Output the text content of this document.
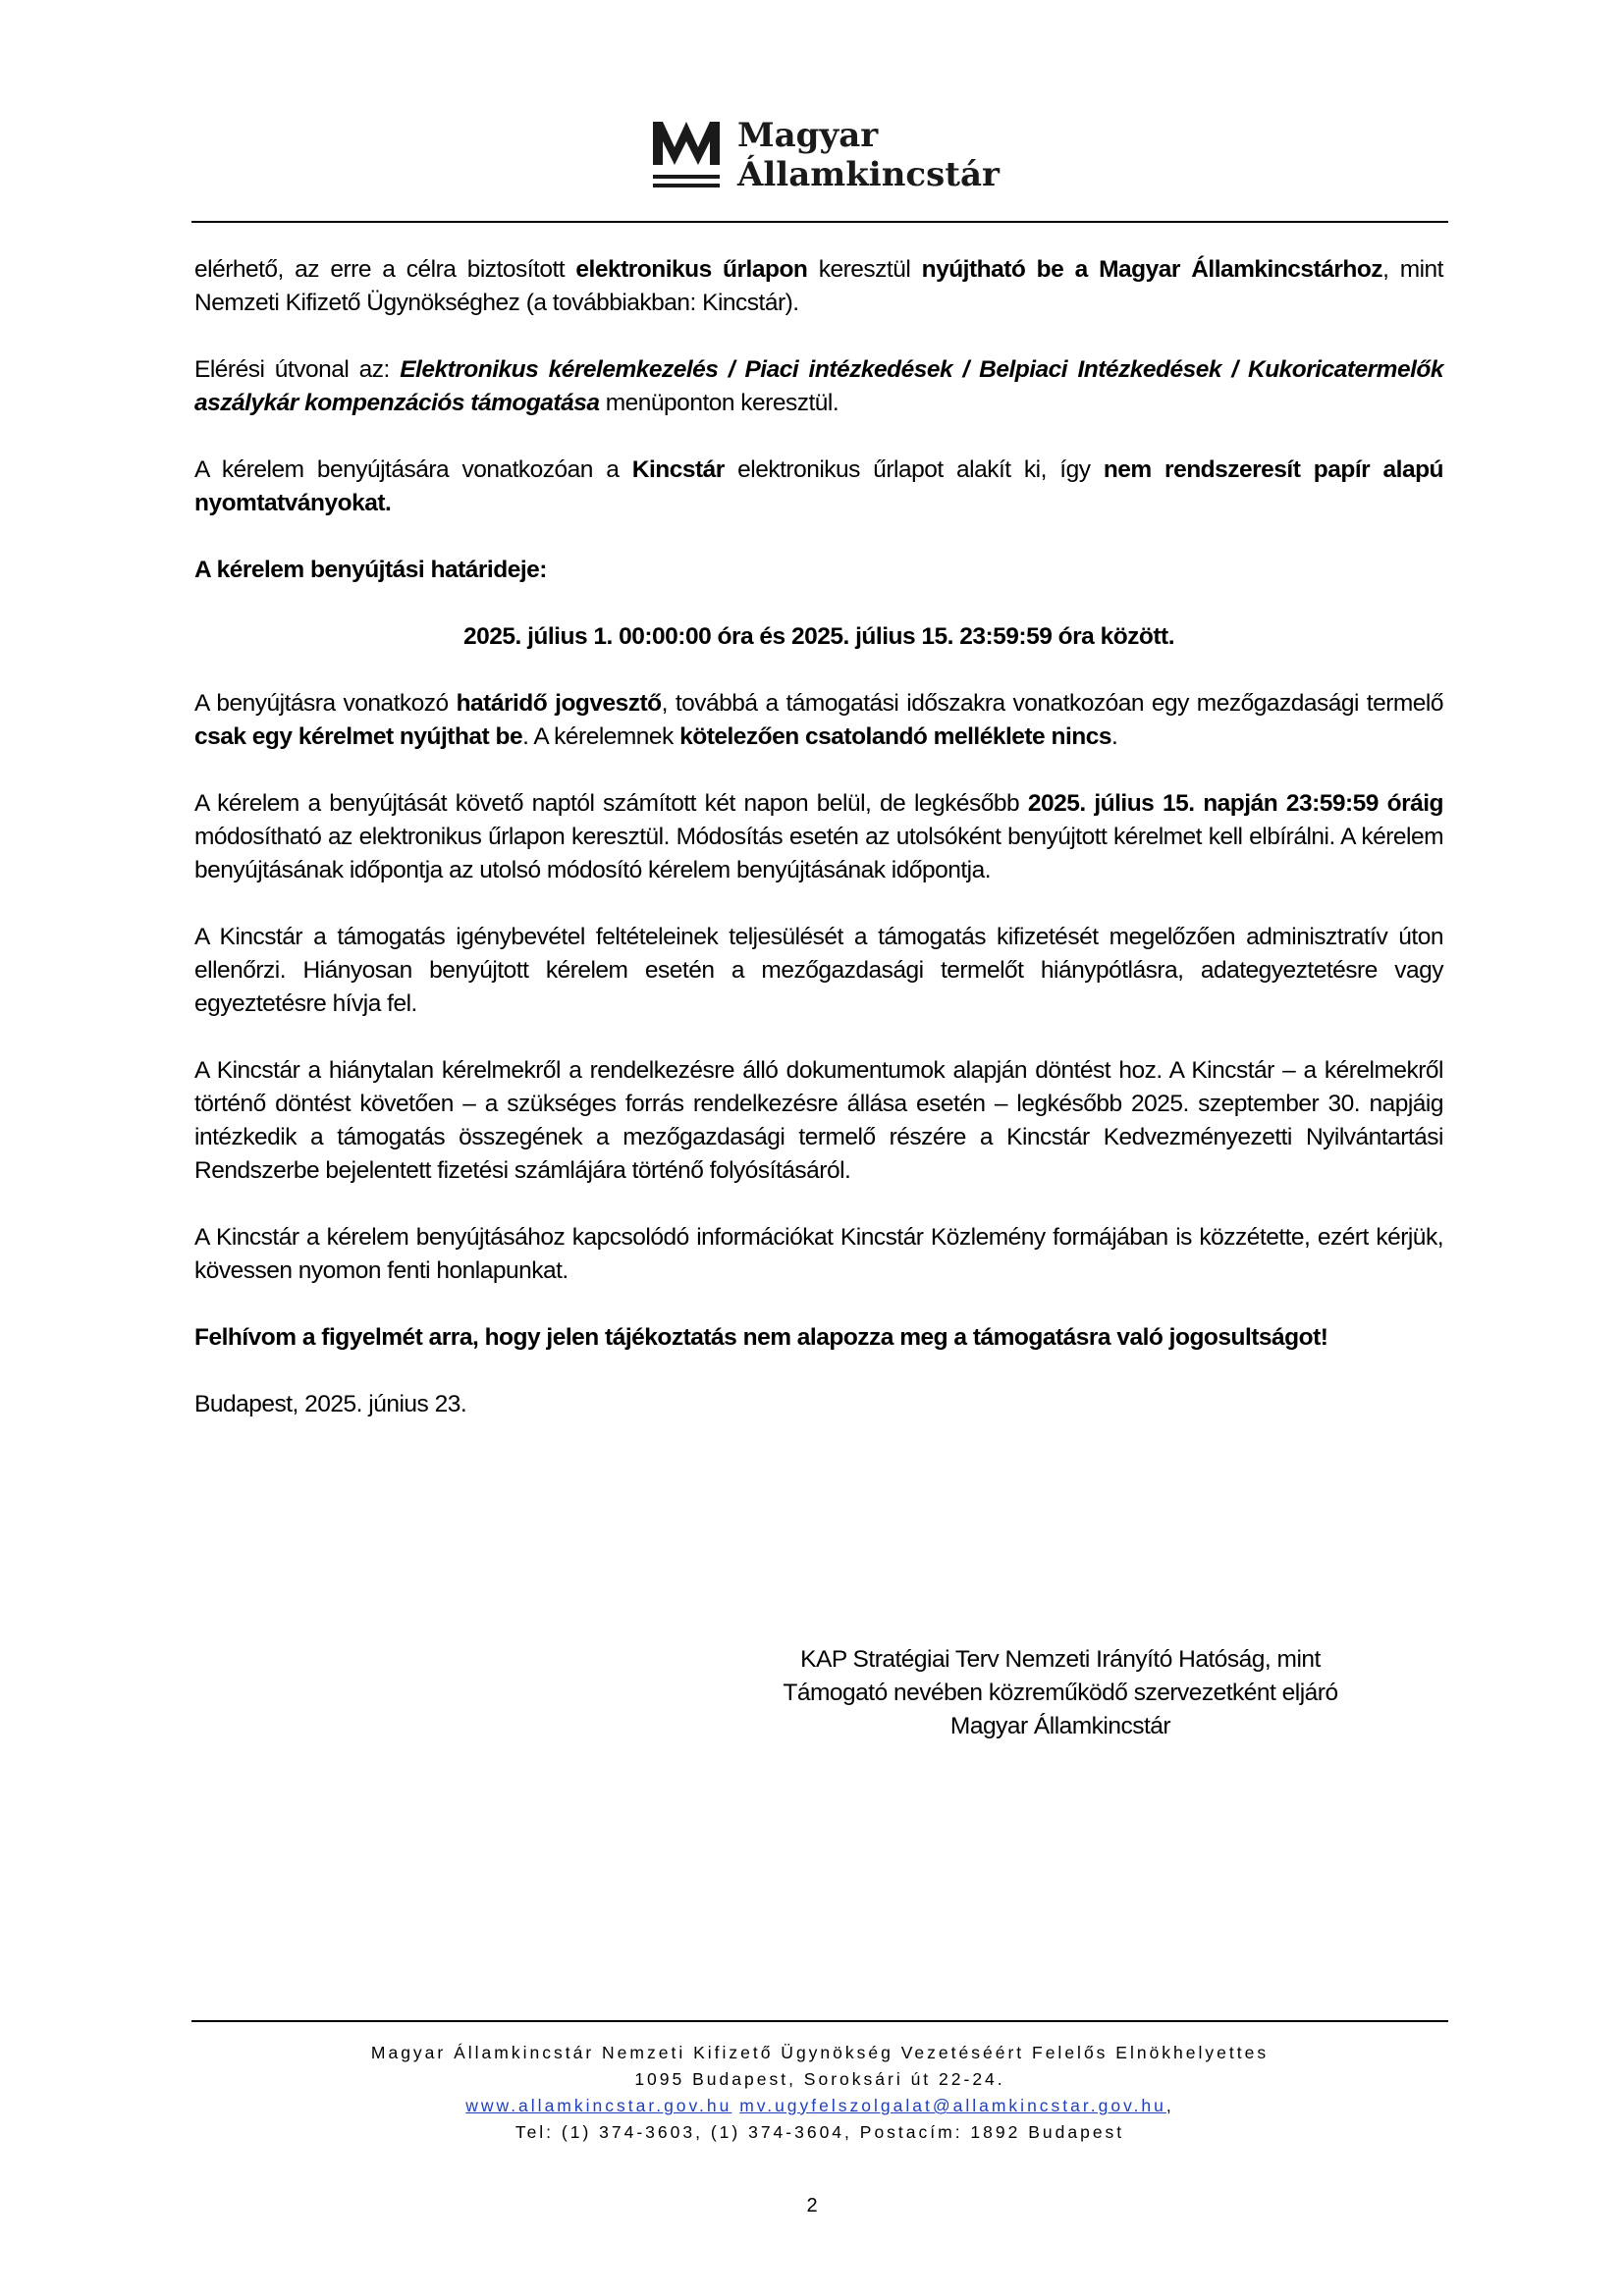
Magyar
Államkincstár

elérhető, az erre a célra biztosított elektronikus űrlapon keresztül nyújtható be a Magyar Államkincstárhoz, mint Nemzeti Kifizető Ügynökséghez (a továbbiakban: Kincstár).

Elérési útvonal az: Elektronikus kérelemkezelés / Piaci intézkedések / Belpiaci Intézkedések / Kukoricatermelők aszálykár kompenzációs támogatása menüponton keresztül.

A kérelem benyújtására vonatkozóan a Kincstár elektronikus űrlapot alakít ki, így nem rendszeresít papír alapú nyomtatványokat.

A kérelem benyújtási határideje:

2025. július 1. 00:00:00 óra és 2025. július 15. 23:59:59 óra között.

A benyújtásra vonatkozó határidő jogvesztő, továbbá a támogatási időszakra vonatkozóan egy mezőgazdasági termelő csak egy kérelmet nyújthat be. A kérelemnek kötelezően csatolandó melléklete nincs.

A kérelem a benyújtását követő naptól számított két napon belül, de legkésőbb 2025. július 15. napján 23:59:59 óráig módosítható az elektronikus űrlapon keresztül. Módosítás esetén az utolsóként benyújtott kérelmet kell elbírálni. A kérelem benyújtásának időpontja az utolsó módosító kérelem benyújtásának időpontja.

A Kincstár a támogatás igénybevétel feltételeinek teljesülését a támogatás kifizetését megelőzően adminisztratív úton ellenőrzi. Hiányosan benyújtott kérelem esetén a mezőgazdasági termelőt hiánypótlásra, adategyeztetésre vagy egyeztetésre hívja fel.

A Kincstár a hiánytalan kérelmekről a rendelkezésre álló dokumentumok alapján döntést hoz. A Kincstár – a kérelmekről történő döntést követően – a szükséges forrás rendelkezésre állása esetén – legkésőbb 2025. szeptember 30. napjáig intézkedik a támogatás összegének a mezőgazdasági termelő részére a Kincstár Kedvezményezetti Nyilvántartási Rendszerbe bejelentett fizetési számlájára történő folyósításáról.

A Kincstár a kérelem benyújtásához kapcsolódó információkat Kincstár Közlemény formájában is közzétette, ezért kérjük, kövessen nyomon fenti honlapunkat.

Felhívom a figyelmét arra, hogy jelen tájékoztatás nem alapozza meg a támogatásra való jogosultságot!

Budapest, 2025. június 23.

KAP Stratégiai Terv Nemzeti Irányító Hatóság, mint
Támogató nevében közreműködő szervezetként eljáró
Magyar Államkincstár
Magyar Államkincstár Nemzeti Kifizető Ügynökség Vezetéséért Felelős Elnökhelyettes
1095 Budapest, Soroksári út 22-24.
www.allamkincstar.gov.hu mv.ugyfelszolgalat@allamkincstar.gov.hu,
Tel: (1) 374-3603, (1) 374-3604, Postacím: 1892 Budapest
2
